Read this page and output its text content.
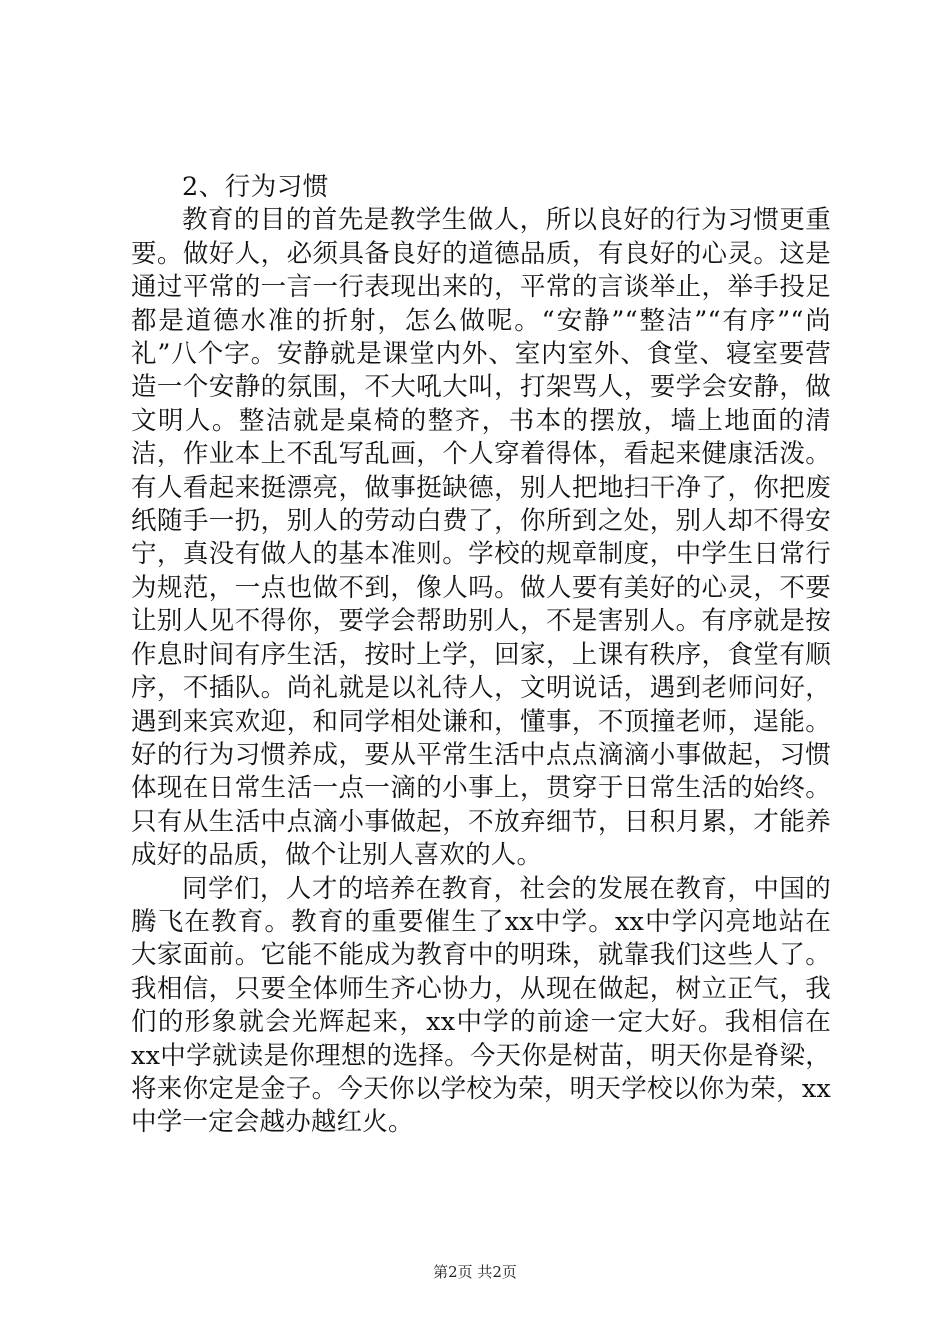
2、行为习惯

教育的目的首先是教学生做人，所以良好的行为习惯更重要。做好人，必须具备良好的道德品质，有良好的心灵。这是通过平常的一言一行表现出来的，平常的言谈举止，举手投足都是道德水准的折射，怎么做呢。“安静”“整洁”“有序”“尚礼”八个字。安静就是课堂内外、室内室外、食堂、寝室要营造一个安静的氛围，不大吼大叫，打架骂人，要学会安静，做文明人。整洁就是桌椅的整齐，书本的摆放，墙上地面的清洁，作业本上不乱写乱画，个人穿着得体，看起来健康活泼。有人看起来挺漂亮，做事挺缺德，别人把地扫干净了，你把废纸随手一扔，别人的劳动白费了，你所到之处，别人却不得安宁，真没有做人的基本准则。学校的规章制度，中学生日常行为规范，一点也做不到，像人吗。做人要有美好的心灵，不要让别人见不得你，要学会帮助别人，不是害别人。有序就是按作息时间有序生活，按时上学，回家，上课有秩序，食堂有顺序，不插队。尚礼就是以礼待人，文明说话，遇到老师问好，遇到来宾欢迎，和同学相处谦和，懂事，不顶撞老师，逞能。好的行为习惯养成，要从平常生活中点点滴滴小事做起，习惯体现在日常生活一点一滴的小事上，贯穿于日常生活的始终。只有从生活中点滴小事做起，不放弃细节，日积月累，才能养成好的品质，做个让别人喜欢的人。

同学们，人才的培养在教育，社会的发展在教育，中国的腾飞在教育。教育的重要催生了xx中学。xx中学闪亮地站在大家面前。它能不能成为教育中的明珠，就靠我们这些人了。我相信，只要全体师生齐心协力，从现在做起，树立正气，我们的形象就会光辉起来，xx中学的前途一定大好。我相信在xx中学就读是你理想的选择。今天你是树苗，明天你是脊梁，将来你定是金子。今天你以学校为荣，明天学校以你为荣，xx中学一定会越办越红火。

第2页 共2页
